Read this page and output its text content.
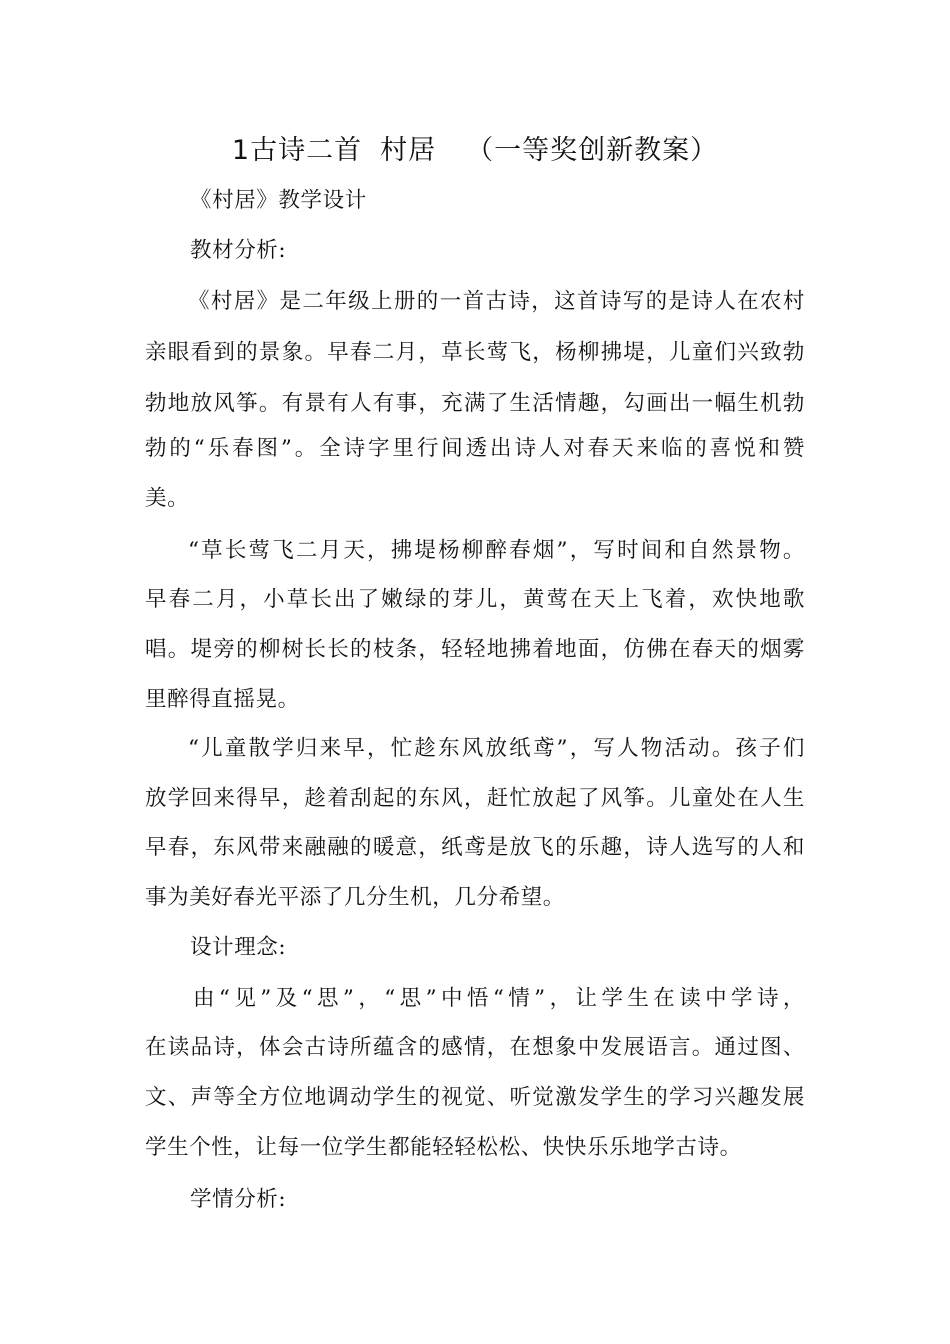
1古诗二首 村居 （一等奖创新教案）
《村居》教学设计
教材分析:
《村居》是二年级上册的一首古诗，这首诗写的是诗人在农村
亲眼看到的景象。早春二月，草长莺飞，杨柳拂堤，儿童们兴致勃
勃地放风筝。有景有人有事，充满了生活情趣，勾画出一幅生机勃
勃的“乐春图”。全诗字里行间透出诗人对春天来临的喜悦和赞
美。
“草长莺飞二月天，拂堤杨柳醉春烟”，写时间和自然景物。
早春二月，小草长出了嫩绿的芽儿，黄莺在天上飞着，欢快地歌
唱。堤旁的柳树长长的枝条，轻轻地拂着地面，仿佛在春天的烟雾
里醉得直摇晃。
“儿童散学归来早，忙趁东风放纸鸢”，写人物活动。孩子们
放学回来得早，趁着刮起的东风，赶忙放起了风筝。儿童处在人生
早春，东风带来融融的暖意，纸鸢是放飞的乐趣，诗人选写的人和
事为美好春光平添了几分生机，几分希望。
设计理念:
由“见”及“思”，“思”中悟“情”，让学生在读中学诗，
在读品诗，体会古诗所蕴含的感情，在想象中发展语言。通过图、
文、声等全方位地调动学生的视觉、听觉激发学生的学习兴趣发展
学生个性，让每一位学生都能轻轻松松、快快乐乐地学古诗。
学情分析:
